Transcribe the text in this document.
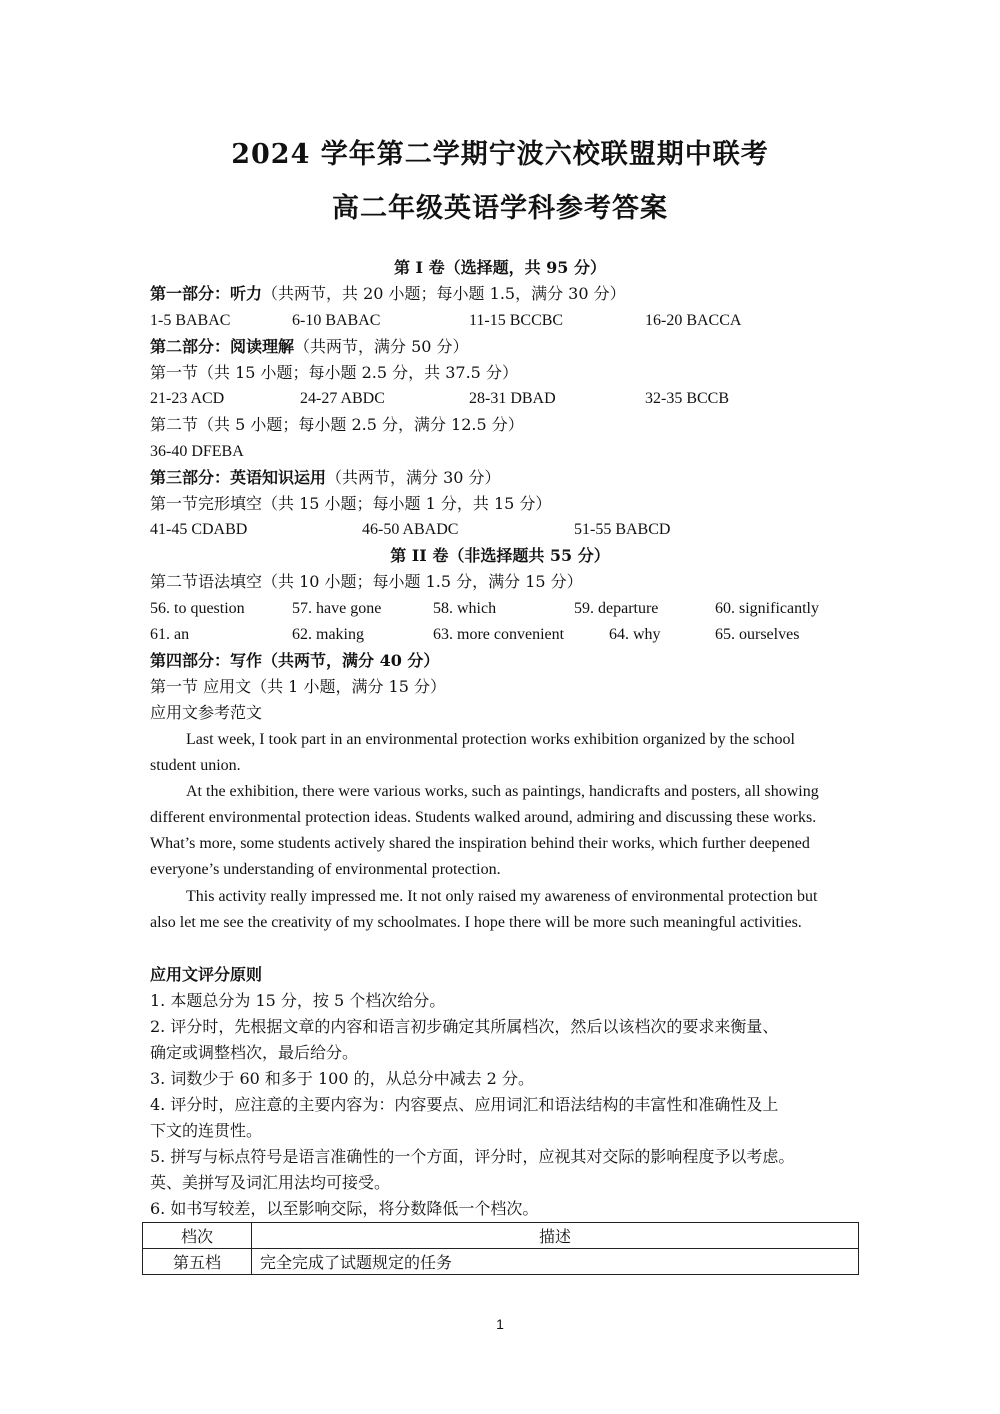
2024 学年第二学期宁波六校联盟期中联考
高二年级英语学科参考答案
第 I 卷（选择题，共 95 分）
第一部分：听力（共两节，共 20 小题；每小题 1.5，满分 30 分）
1-5 BABAC	6-10 BABAC	11-15 BCCBC	16-20 BACCA
第二部分：阅读理解（共两节，满分 50 分）
第一节（共 15 小题；每小题 2.5 分，共 37.5 分）
21-23 ACD	24-27 ABDC	28-31 DBAD	32-35 BCCB
第二节（共 5 小题；每小题 2.5 分，满分 12.5 分）
36-40 DFEBA
第三部分：英语知识运用（共两节，满分 30 分）
第一节完形填空（共 15 小题；每小题 1 分，共 15 分）
41-45 CDABD	46-50 ABADC	51-55 BABCD
第 II 卷（非选择题共 55 分）
第二节语法填空（共 10 小题；每小题 1.5 分，满分 15 分）
56. to question	57. have gone	58. which	59. departure	60. significantly
61. an	62. making	63. more convenient	64. why	65. ourselves
第四部分：写作（共两节，满分 40 分）
第一节 应用文（共 1 小题，满分 15 分）
应用文参考范文
Last week, I took part in an environmental protection works exhibition organized by the school student union.
At the exhibition, there were various works, such as paintings, handicrafts and posters, all showing different environmental protection ideas. Students walked around, admiring and discussing these works. What’s more, some students actively shared the inspiration behind their works, which further deepened everyone’s understanding of environmental protection.
This activity really impressed me. It not only raised my awareness of environmental protection but also let me see the creativity of my schoolmates. I hope there will be more such meaningful activities.
应用文评分原则
1. 本题总分为 15 分，按 5 个档次给分。
2. 评分时，先根据文章的内容和语言初步确定其所属档次，然后以该档次的要求来衡量、
确定或调整档次，最后给分。
3. 词数少于 60 和多于 100 的，从总分中减去 2 分。
4. 评分时，应注意的主要内容为：内容要点、应用词汇和语法结构的丰富性和准确性及上
下文的连贯性。
5. 拼写与标点符号是语言准确性的一个方面，评分时，应视其对交际的影响程度予以考虑。
英、美拼写及词汇用法均可接受。
6. 如书写较差，以至影响交际，将分数降低一个档次。
档次	描述
第五档	完全完成了试题规定的任务
1
